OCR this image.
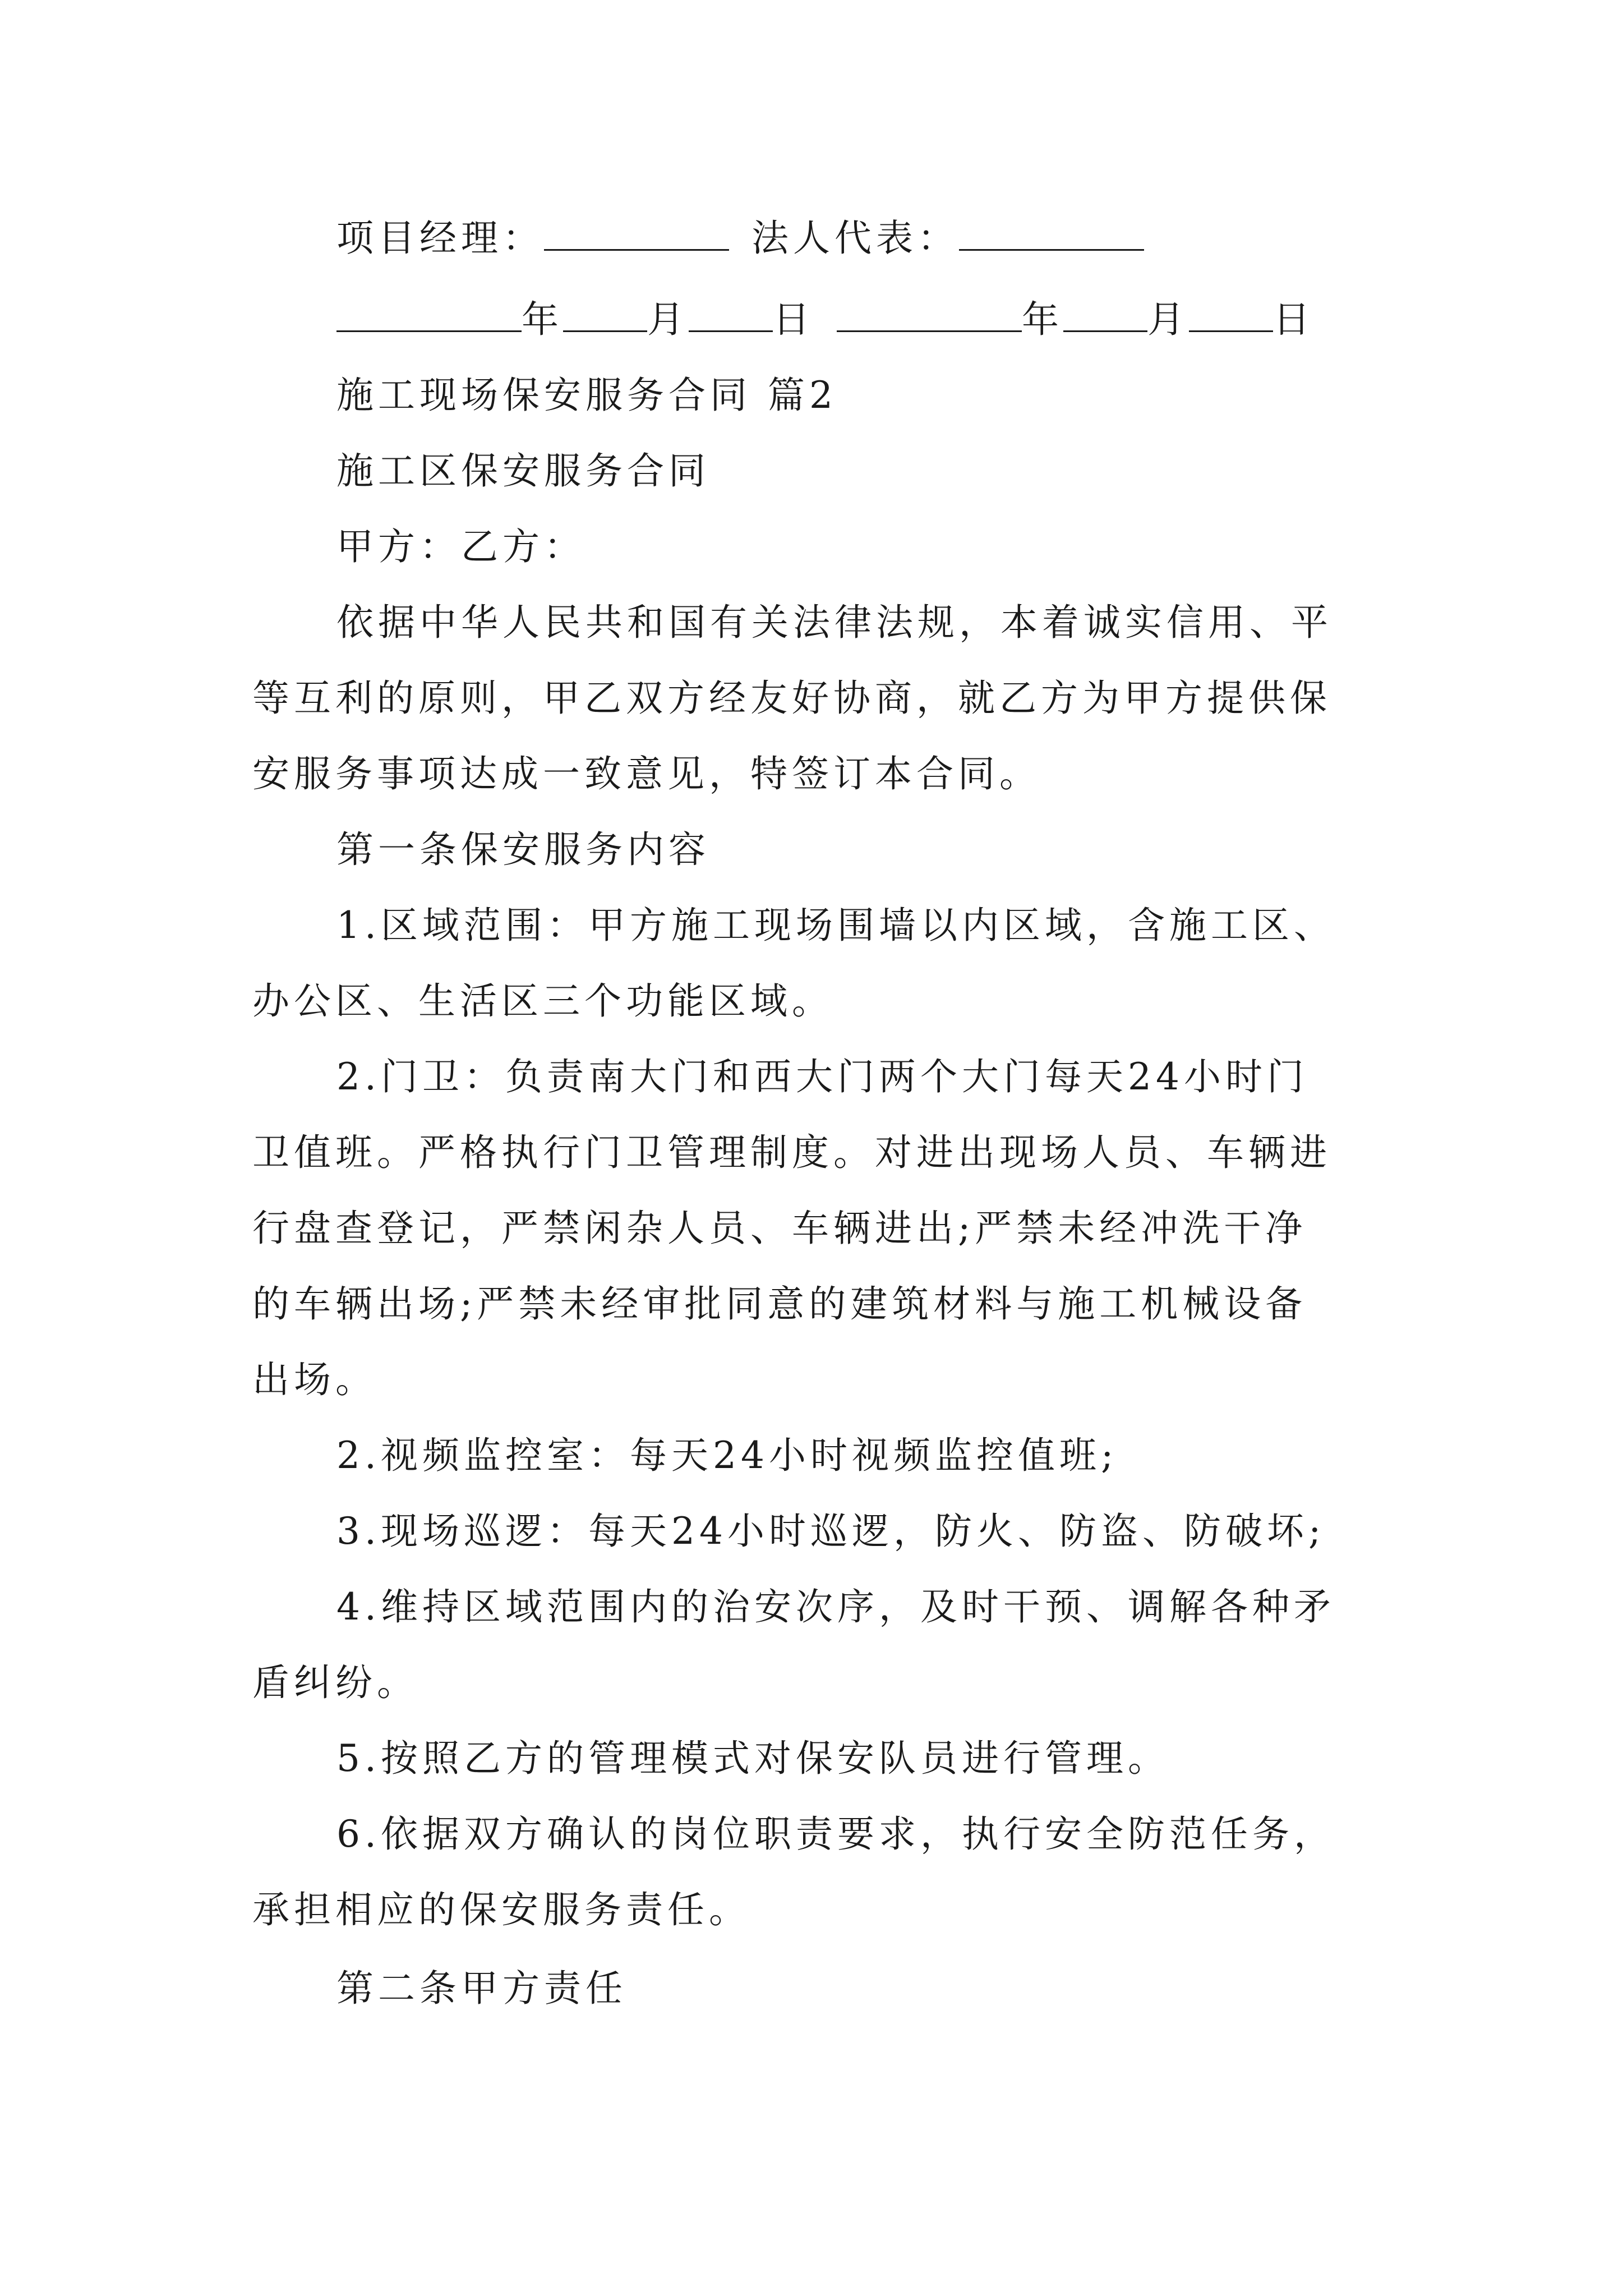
项目经理：	法人代表：
年 月 日	年 月 日
施工现场保安服务合同 篇2
施工区保安服务合同
甲方：乙方：
依据中华人民共和国有关法律法规，本着诚实信用、平
等互利的原则，甲乙双方经友好协商，就乙方为甲方提供保
安服务事项达成一致意见，特签订本合同。
第一条保安服务内容
1.区域范围：甲方施工现场围墙以内区域，含施工区、
办公区、生活区三个功能区域。
2.门卫：负责南大门和西大门两个大门每天24小时门
卫值班。严格执行门卫管理制度。对进出现场人员、车辆进
行盘查登记，严禁闲杂人员、车辆进出;严禁未经冲洗干净
的车辆出场;严禁未经审批同意的建筑材料与施工机械设备
出场。
2.视频监控室：每天24小时视频监控值班;
3.现场巡逻：每天24小时巡逻，防火、防盗、防破坏;
4.维持区域范围内的治安次序，及时干预、调解各种矛
盾纠纷。
5.按照乙方的管理模式对保安队员进行管理。
6.依据双方确认的岗位职责要求，执行安全防范任务，
承担相应的保安服务责任。
第二条甲方责任
